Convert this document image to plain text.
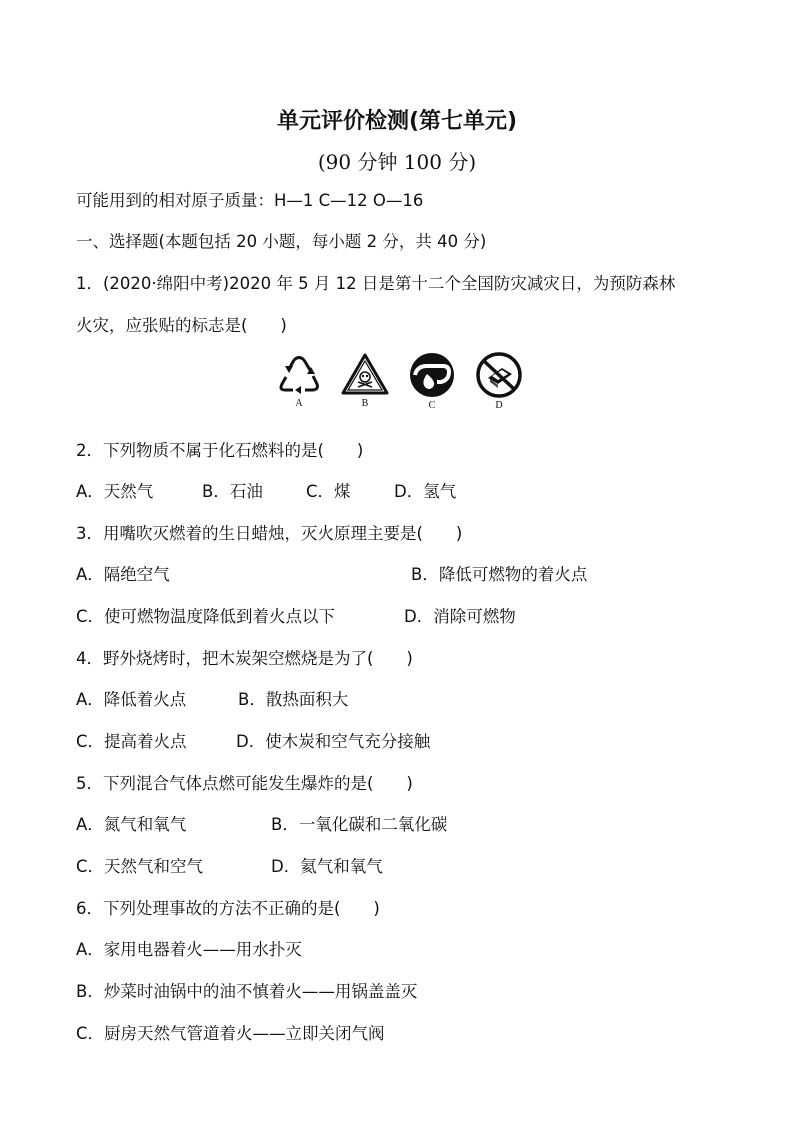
单元评价检测(第七单元)
(90 分钟 100 分)
可能用到的相对原子质量：H—1 C—12 O—16
一、选择题(本题包括 20 小题，每小题 2 分，共 40 分)
1．(2020·绵阳中考)2020 年 5 月 12 日是第十二个全国防灾减灾日，为预防森林
火灾，应张贴的标志是(　　)
A	B	C	D
2．下列物质不属于化石燃料的是(　　)
A．天然气	B．石油	C．煤	D．氢气
3．用嘴吹灭燃着的生日蜡烛，灭火原理主要是(　　)
A．隔绝空气	B．降低可燃物的着火点
C．使可燃物温度降低到着火点以下	D．消除可燃物
4．野外烧烤时，把木炭架空燃烧是为了(　　)
A．降低着火点	B．散热面积大
C．提高着火点	D．使木炭和空气充分接触
5．下列混合气体点燃可能发生爆炸的是(　　)
A．氮气和氧气	B．一氧化碳和二氧化碳
C．天然气和空气	D．氦气和氧气
6．下列处理事故的方法不正确的是(　　)
A．家用电器着火——用水扑灭
B．炒菜时油锅中的油不慎着火——用锅盖盖灭
C．厨房天然气管道着火——立即关闭气阀
